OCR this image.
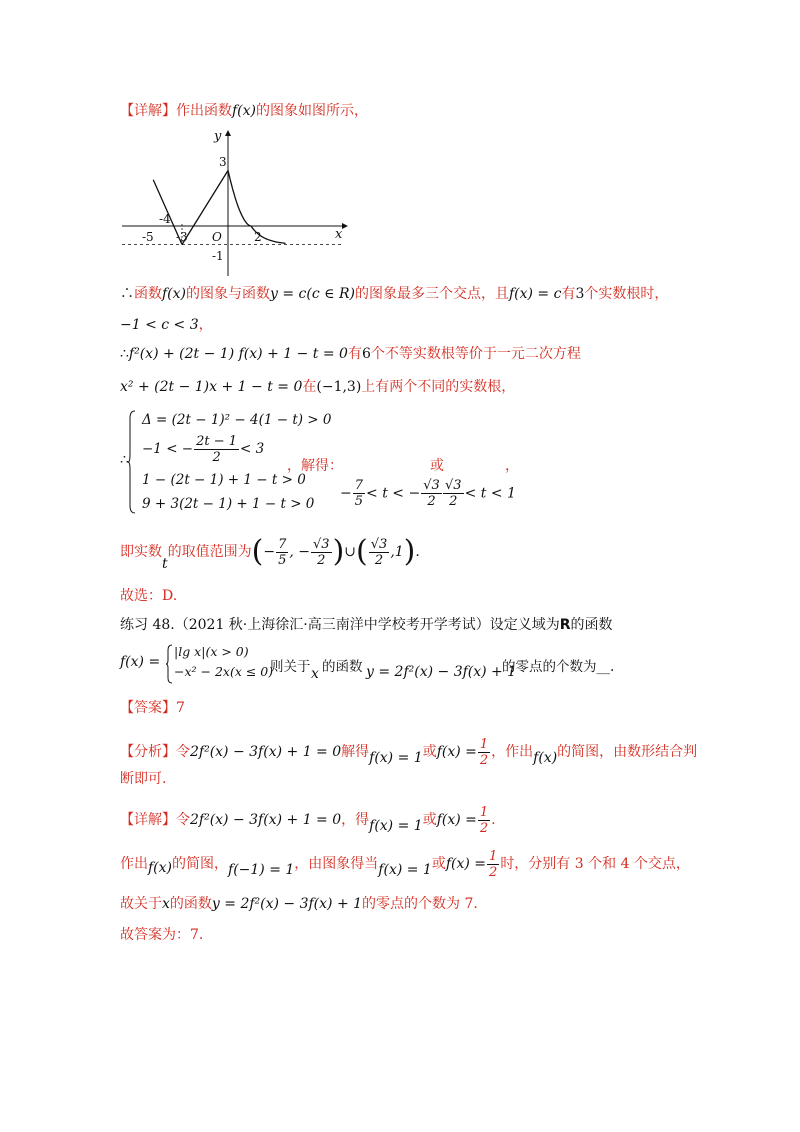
【详解】作出函数f(x)的图象如图所示，
y
x
O
3
-4
-5 -3	2
-1
∴函数f(x)的图象与函数y = c(c ∈ R)的图象最多三个交点，且f(x) = c有3个实数根时，
−1 < c < 3，
∴f²(x) + (2t − 1) f(x) + 1 − t = 0有6个不等实数根等价于一元二次方程
x² + (2t − 1)x + 1 − t = 0在(−1,3)上有两个不同的实数根，
∴
Δ = (2t − 1)² − 4(1 − t) > 0
−1 < − $\frac{2t - 1}{2} < 3$
1 − (2t − 1) + 1 − t > 0
9 + 3(2t − 1) + 1 − t > 0
，解得：	或	，
− $\frac{7}{5} < t$ < − $\frac{√3}{2} \frac{√3}{2} < t < 1$
即实数t的取值范围为(− $\frac{7}{5}$ , − $\frac{√3}{2}$ )∪( $\frac{√3}{2} ,1$).
故选：D.
练习 48.（2021 秋·上海徐汇·高三南洋中学校考开学考试）设定义域为R的函数
f(x) =
|lg x|(x > 0)
−x² − 2x(x ≤ 0)
则关于 x 的函数 y = 2f²(x) − 3f(x) + 1
的零点的个数为__.
【答案】7
【分析】令2f²(x) − 3f(x) + 1 = 0解得f(x) = 1或$f(x) = \frac{1}{2}$ ，作出f(x)的简图，由数形结合判
断即可.
【详解】令2f²(x) − 3f(x) + 1 = 0，得f(x) = 1或$f(x) = \frac{1}{2}$ .
作出f(x)的简图，f(−1) = 1，由图象得当f(x) = 1或$f(x) = \frac{1}{2}$ 时，分别有 3 个和 4 个交点，
故关于x的函数y = 2f²(x) − 3f(x) + 1的零点的个数为 7.
故答案为：7.
